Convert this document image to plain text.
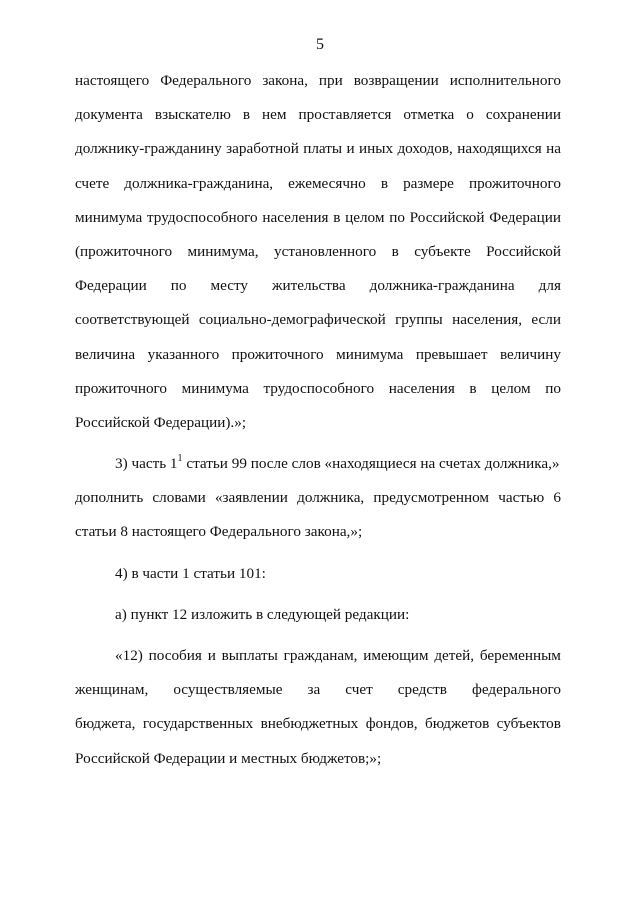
5
настоящего Федерального закона, при возвращении исполнительного
документа взыскателю в нем проставляется отметка о сохранении
должнику-гражданину заработной платы и иных доходов, находящихся на
счете должника-гражданина, ежемесячно в размере прожиточного
минимума трудоспособного населения в целом по Российской Федерации
(прожиточного минимума, установленного в субъекте Российской
Федерации по месту жительства должника-гражданина для
соответствующей социально-демографической группы населения, если
величина указанного прожиточного минимума превышает величину
прожиточного минимума трудоспособного населения в целом по
Российской Федерации).»;
3) часть $1^1$ статьи 99 после слов «находящиеся на счетах должника,»
дополнить словами «заявлении должника, предусмотренном частью 6
статьи 8 настоящего Федерального закона,»;
4) в части 1 статьи 101:
а) пункт 12 изложить в следующей редакции:
«12) пособия и выплаты гражданам, имеющим детей, беременным
женщинам, осуществляемые за счет средств федерального
бюджета, государственных внебюджетных фондов, бюджетов субъектов
Российской Федерации и местных бюджетов;»;
